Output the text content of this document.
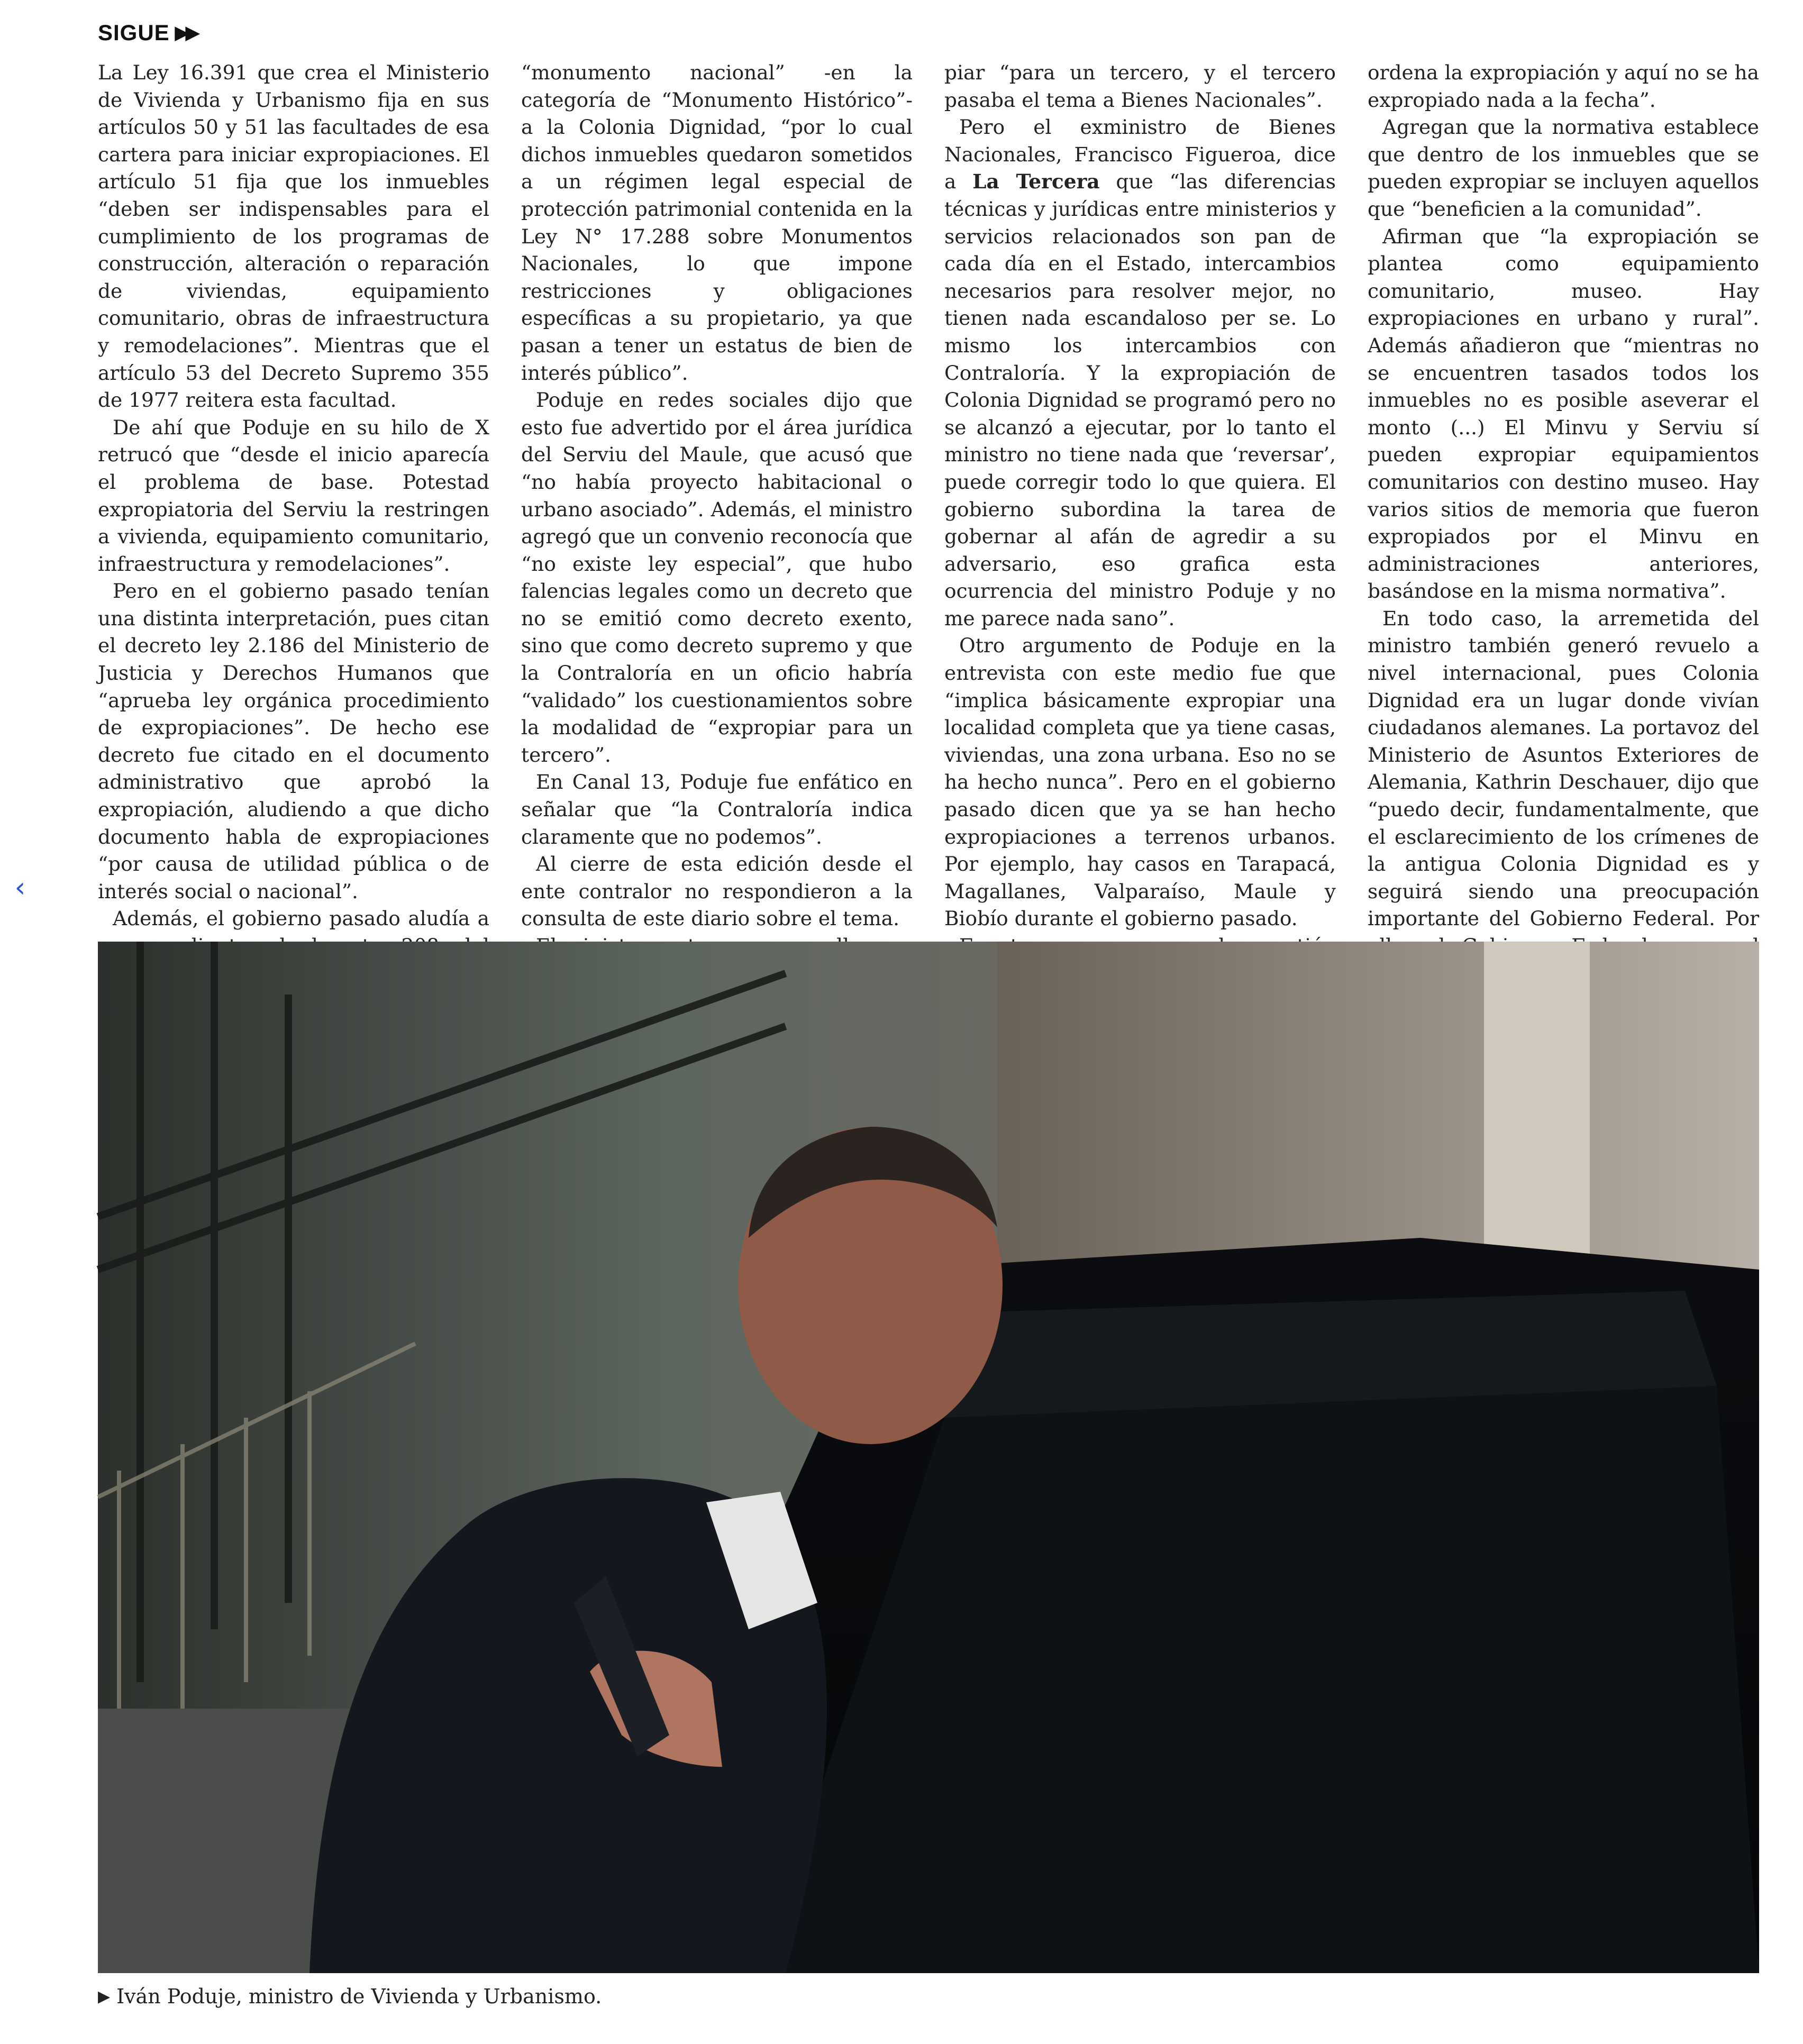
SIGUE ▶▶

La Ley 16.391 que crea el Ministerio de Vivienda y Urbanismo fija en sus artículos 50 y 51 las facultades de esa cartera para iniciar expropiaciones. El artículo 51 fija que los inmuebles “deben ser indispensables para el cumplimiento de los programas de construcción, alteración o reparación de viviendas, equipamiento comunitario, obras de infraestructura y remodelaciones”. Mientras que el artículo 53 del Decreto Supremo 355 de 1977 reitera esta facultad.

De ahí que Poduje en su hilo de X retrucó que “desde el inicio aparecía el problema de base. Potestad expropiatoria del Serviu la restringen a vivienda, equipamiento comunitario, infraestructura y remodelaciones”.

Pero en el gobierno pasado tenían una distinta interpretación, pues citan el decreto ley 2.186 del Ministerio de Justicia y Derechos Humanos que “aprueba ley orgánica procedimiento de expropiaciones”. De hecho ese decreto fue citado en el documento administrativo que aprobó la expropiación, aludiendo a que dicho documento habla de expropiaciones “por causa de utilidad pública o de interés social o nacional”.

Además, el gobierno pasado aludía a

“monumento nacional” -en la categoría de “Monumento Histórico”- a la Colonia Dignidad, “por lo cual dichos inmuebles quedaron sometidos a un régimen legal especial de protección patrimonial contenida en la Ley N° 17.288 sobre Monumentos Nacionales, lo que impone restricciones y obligaciones específicas a su propietario, ya que pasan a tener un estatus de bien de interés público”.

Poduje en redes sociales dijo que esto fue advertido por el área jurídica del Serviu del Maule, que acusó que “no había proyecto habitacional o urbano asociado”. Además, el ministro agregó que un convenio reconocía que “no existe ley especial”, que hubo falencias legales como un decreto que no se emitió como decreto exento, sino que como decreto supremo y que la Contraloría en un oficio habría “validado” los cuestionamientos sobre la modalidad de “expropiar para un tercero”.

En Canal 13, Poduje fue enfático en señalar que “la Contraloría indica claramente que no podemos”.

Al cierre de esta edición desde el ente contralor no respondieron a la consulta de este diario sobre el tema.

piar “para un tercero, y el tercero pasaba el tema a Bienes Nacionales”.

Pero el exministro de Bienes Nacionales, Francisco Figueroa, dice a La Tercera que “las diferencias técnicas y jurídicas entre ministerios y servicios relacionados son pan de cada día en el Estado, intercambios necesarios para resolver mejor, no tienen nada escandaloso per se. Lo mismo los intercambios con Contraloría. Y la expropiación de Colonia Dignidad se programó pero no se alcanzó a ejecutar, por lo tanto el ministro no tiene nada que ‘reversar’, puede corregir todo lo que quiera. El gobierno subordina la tarea de gobernar al afán de agredir a su adversario, eso grafica esta ocurrencia del ministro Poduje y no me parece nada sano”.

Otro argumento de Poduje en la entrevista con este medio fue que “implica básicamente expropiar una localidad completa que ya tiene casas, viviendas, una zona urbana. Eso no se ha hecho nunca”. Pero en el gobierno pasado dicen que ya se han hecho expropiaciones a terrenos urbanos. Por ejemplo, hay casos en Tarapacá, Magallanes, Valparaíso, Maule y Biobío durante el gobierno pasado.

ordena la expropiación y aquí no se ha expropiado nada a la fecha”.

Agregan que la normativa establece que dentro de los inmuebles que se pueden expropiar se incluyen aquellos que “beneficien a la comunidad”.

Afirman que “la expropiación se plantea como equipamiento comunitario, museo. Hay expropiaciones en urbano y rural”. Además añadieron que “mientras no se encuentren tasados todos los inmuebles no es posible aseverar el monto (...) El Minvu y Serviu sí pueden expropiar equipamientos comunitarios con destino museo. Hay varios sitios de memoria que fueron expropiados por el Minvu en administraciones anteriores, basándose en la misma normativa”.

En todo caso, la arremetida del ministro también generó revuelo a nivel internacional, pues Colonia Dignidad era un lugar donde vivían ciudadanos alemanes. La portavoz del Ministerio de Asuntos Exteriores de Alemania, Kathrin Deschauer, dijo que “puedo decir, fundamentalmente, que el esclarecimiento de los crímenes de la antigua Colonia Dignidad es y seguirá siendo una preocupación importante del Gobierno Federal. Por

‹
▶ Iván Poduje, ministro de Vivienda y Urbanismo.
